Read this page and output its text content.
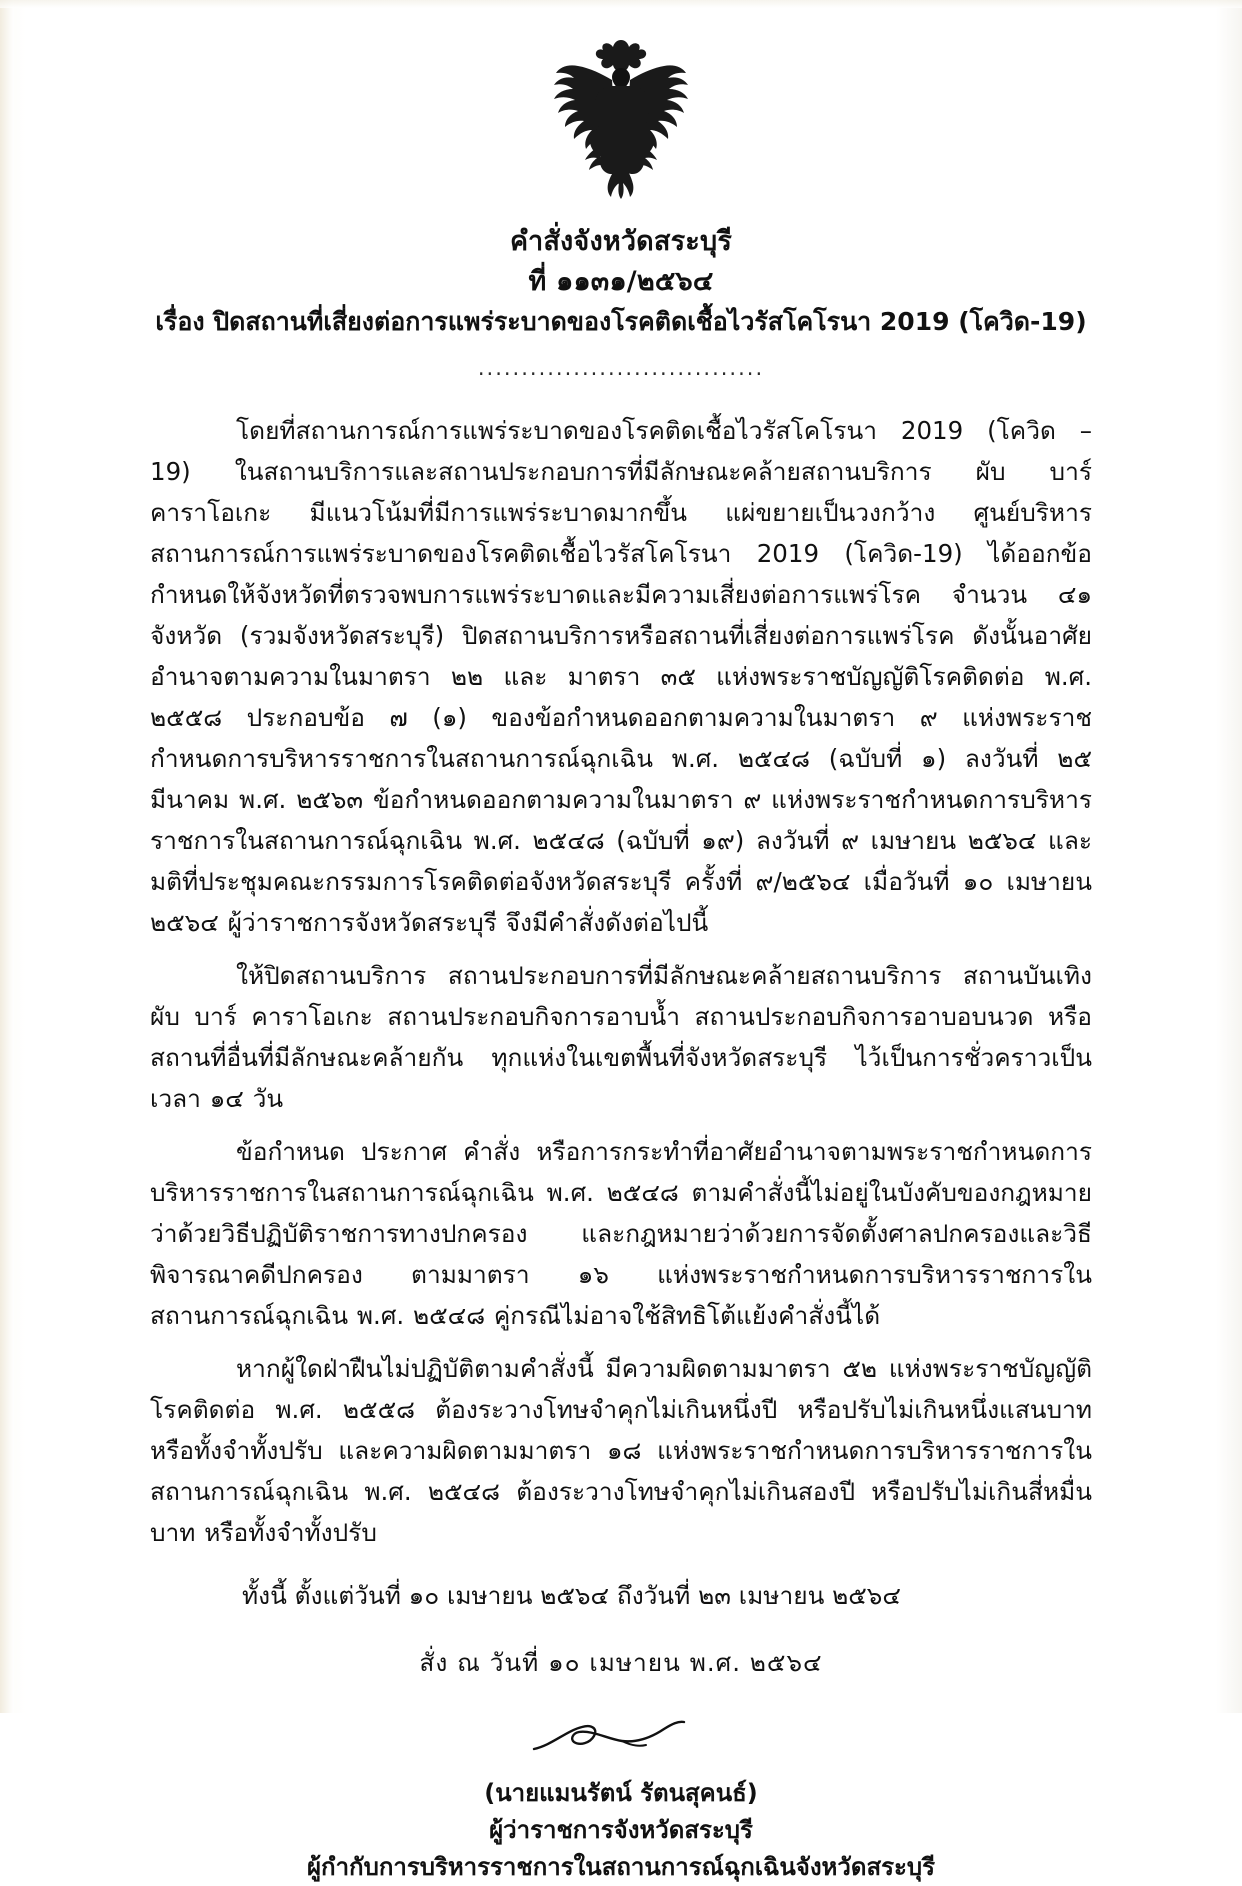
คำสั่งจังหวัดสระบุรี
ที่ ๑๑๓๑/๒๕๖๔
เรื่อง ปิดสถานที่เสี่ยงต่อการแพร่ระบาดของโรคติดเชื้อไวรัสโคโรนา 2019 (โควิด-19)
.................................

โดยที่สถานการณ์การแพร่ระบาดของโรคติดเชื้อไวรัสโคโรนา 2019 (โควิด – 19) ในสถานบริการและสถานประกอบการที่มีลักษณะคล้ายสถานบริการ ผับ บาร์ คาราโอเกะ มีแนวโน้มที่มีการแพร่ระบาดมากขึ้น แผ่ขยายเป็นวงกว้าง ศูนย์บริหารสถานการณ์การแพร่ระบาดของโรคติดเชื้อไวรัสโคโรนา 2019 (โควิด-19) ได้ออกข้อกำหนดให้จังหวัดที่ตรวจพบการแพร่ระบาดและมีความเสี่ยงต่อการแพร่โรค จำนวน ๔๑ จังหวัด (รวมจังหวัดสระบุรี) ปิดสถานบริการหรือสถานที่เสี่ยงต่อการแพร่โรค ดังนั้นอาศัยอำนาจตามความในมาตรา ๒๒ และ มาตรา ๓๕ แห่งพระราชบัญญัติโรคติดต่อ พ.ศ. ๒๕๕๘ ประกอบข้อ ๗ (๑) ของข้อกำหนดออกตามความในมาตรา ๙ แห่งพระราชกำหนดการบริหารราชการในสถานการณ์ฉุกเฉิน พ.ศ. ๒๕๔๘ (ฉบับที่ ๑) ลงวันที่ ๒๕ มีนาคม พ.ศ. ๒๕๖๓ ข้อกำหนดออกตามความในมาตรา ๙ แห่งพระราชกำหนดการบริหารราชการในสถานการณ์ฉุกเฉิน พ.ศ. ๒๕๔๘ (ฉบับที่ ๑๙) ลงวันที่ ๙ เมษายน ๒๕๖๔ และมติที่ประชุมคณะกรรมการโรคติดต่อจังหวัดสระบุรี ครั้งที่ ๙/๒๕๖๔ เมื่อวันที่ ๑๐ เมษายน ๒๕๖๔ ผู้ว่าราชการจังหวัดสระบุรี จึงมีคำสั่งดังต่อไปนี้

ให้ปิดสถานบริการ สถานประกอบการที่มีลักษณะคล้ายสถานบริการ สถานบันเทิง ผับ บาร์ คาราโอเกะ สถานประกอบกิจการอาบน้ำ สถานประกอบกิจการอาบอบนวด หรือสถานที่อื่นที่มีลักษณะคล้ายกัน ทุกแห่งในเขตพื้นที่จังหวัดสระบุรี ไว้เป็นการชั่วคราวเป็นเวลา ๑๔ วัน

ข้อกำหนด ประกาศ คำสั่ง หรือการกระทำที่อาศัยอำนาจตามพระราชกำหนดการบริหารราชการในสถานการณ์ฉุกเฉิน พ.ศ. ๒๕๔๘ ตามคำสั่งนี้ไม่อยู่ในบังคับของกฎหมายว่าด้วยวิธีปฏิบัติราชการทางปกครอง และกฎหมายว่าด้วยการจัดตั้งศาลปกครองและวิธีพิจารณาคดีปกครอง ตามมาตรา ๑๖ แห่งพระราชกำหนดการบริหารราชการในสถานการณ์ฉุกเฉิน พ.ศ. ๒๕๔๘ คู่กรณีไม่อาจใช้สิทธิโต้แย้งคำสั่งนี้ได้

หากผู้ใดฝ่าฝืนไม่ปฏิบัติตามคำสั่งนี้ มีความผิดตามมาตรา ๕๒ แห่งพระราชบัญญัติโรคติดต่อ พ.ศ. ๒๕๕๘ ต้องระวางโทษจำคุกไม่เกินหนึ่งปี หรือปรับไม่เกินหนึ่งแสนบาท หรือทั้งจำทั้งปรับ และความผิดตามมาตรา ๑๘ แห่งพระราชกำหนดการบริหารราชการในสถานการณ์ฉุกเฉิน พ.ศ. ๒๕๔๘ ต้องระวางโทษจำคุกไม่เกินสองปี หรือปรับไม่เกินสี่หมื่นบาท หรือทั้งจำทั้งปรับ

ทั้งนี้ ตั้งแต่วันที่ ๑๐ เมษายน ๒๕๖๔ ถึงวันที่ ๒๓ เมษายน ๒๕๖๔
สั่ง ณ วันที่ ๑๐ เมษายน พ.ศ. ๒๕๖๔
(นายแมนรัตน์ รัตนสุคนธ์)
ผู้ว่าราชการจังหวัดสระบุรี
ผู้กำกับการบริหารราชการในสถานการณ์ฉุกเฉินจังหวัดสระบุรี
